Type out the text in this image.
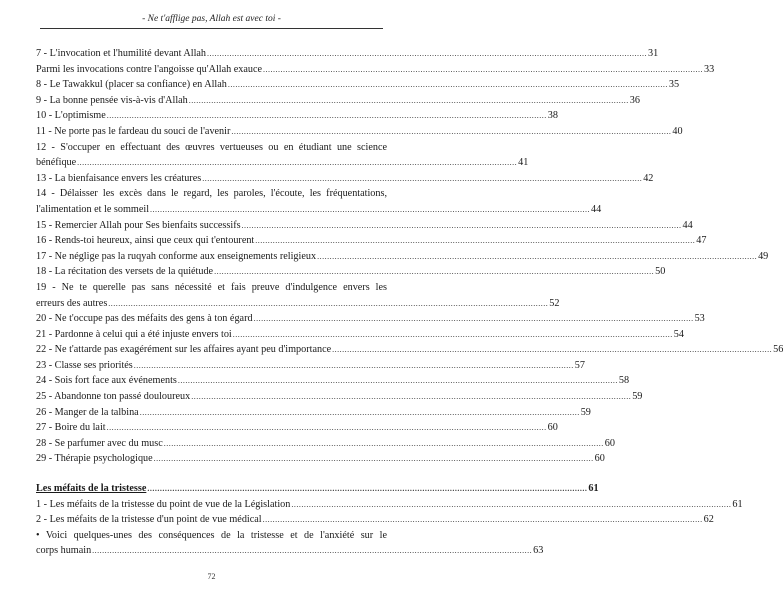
- Ne t'afflige pas, Allah est avec toi -
7 - L'invocation et l'humilité devant Allah .....	31
Parmi les invocations contre l'angoisse qu'Allah exauce .....	33
8 - Le Tawakkul (placer sa confiance) en Allah .....	35
9 - La bonne pensée vis-à-vis d'Allah .....	36
10 - L'optimisme .....	38
11 - Ne porte pas le fardeau du souci de l'avenir .....	40
12 - S'occuper en effectuant des œuvres vertueuses ou en étudiant une science
bénéfique .....	41
13 - La bienfaisance envers les créatures .....	42
14 - Délaisser les excès dans le regard, les paroles, l'écoute, les fréquentations,
l'alimentation et le sommeil .....	44
15 - Remercier Allah pour Ses bienfaits successifs .....	44
16 - Rends-toi heureux, ainsi que ceux qui t'entourent .....	47
17 - Ne néglige pas la ruqyah conforme aux enseignements religieux .....	49
18 - La récitation des versets de la quiétude .....	50
19 - Ne te querelle pas sans nécessité et fais preuve d'indulgence envers les
erreurs des autres .....	52
20 - Ne t'occupe pas des méfaits des gens à ton égard .....	53
21 - Pardonne à celui qui a été injuste envers toi .....	54
22 - Ne t'attarde pas exagérément sur les affaires ayant peu d'importance .....	56
23 - Classe ses priorités .....	57
24 - Sois fort face aux événements .....	58
25 - Abandonne ton passé douloureux .....	59
26 - Manger de la talbina .....	59
27 - Boire du lait .....	60
28 - Se parfumer avec du musc .....	60
29 - Thérapie psychologique .....	60
Les méfaits de la tristesse .....	61
1 - Les méfaits de la tristesse du point de vue de la Législation .....	61
2 - Les méfaits de la tristesse d'un point de vue médical .....	62
• Voici quelques-unes des conséquences de la tristesse et de l'anxiété sur le
corps humain .....	63
72
